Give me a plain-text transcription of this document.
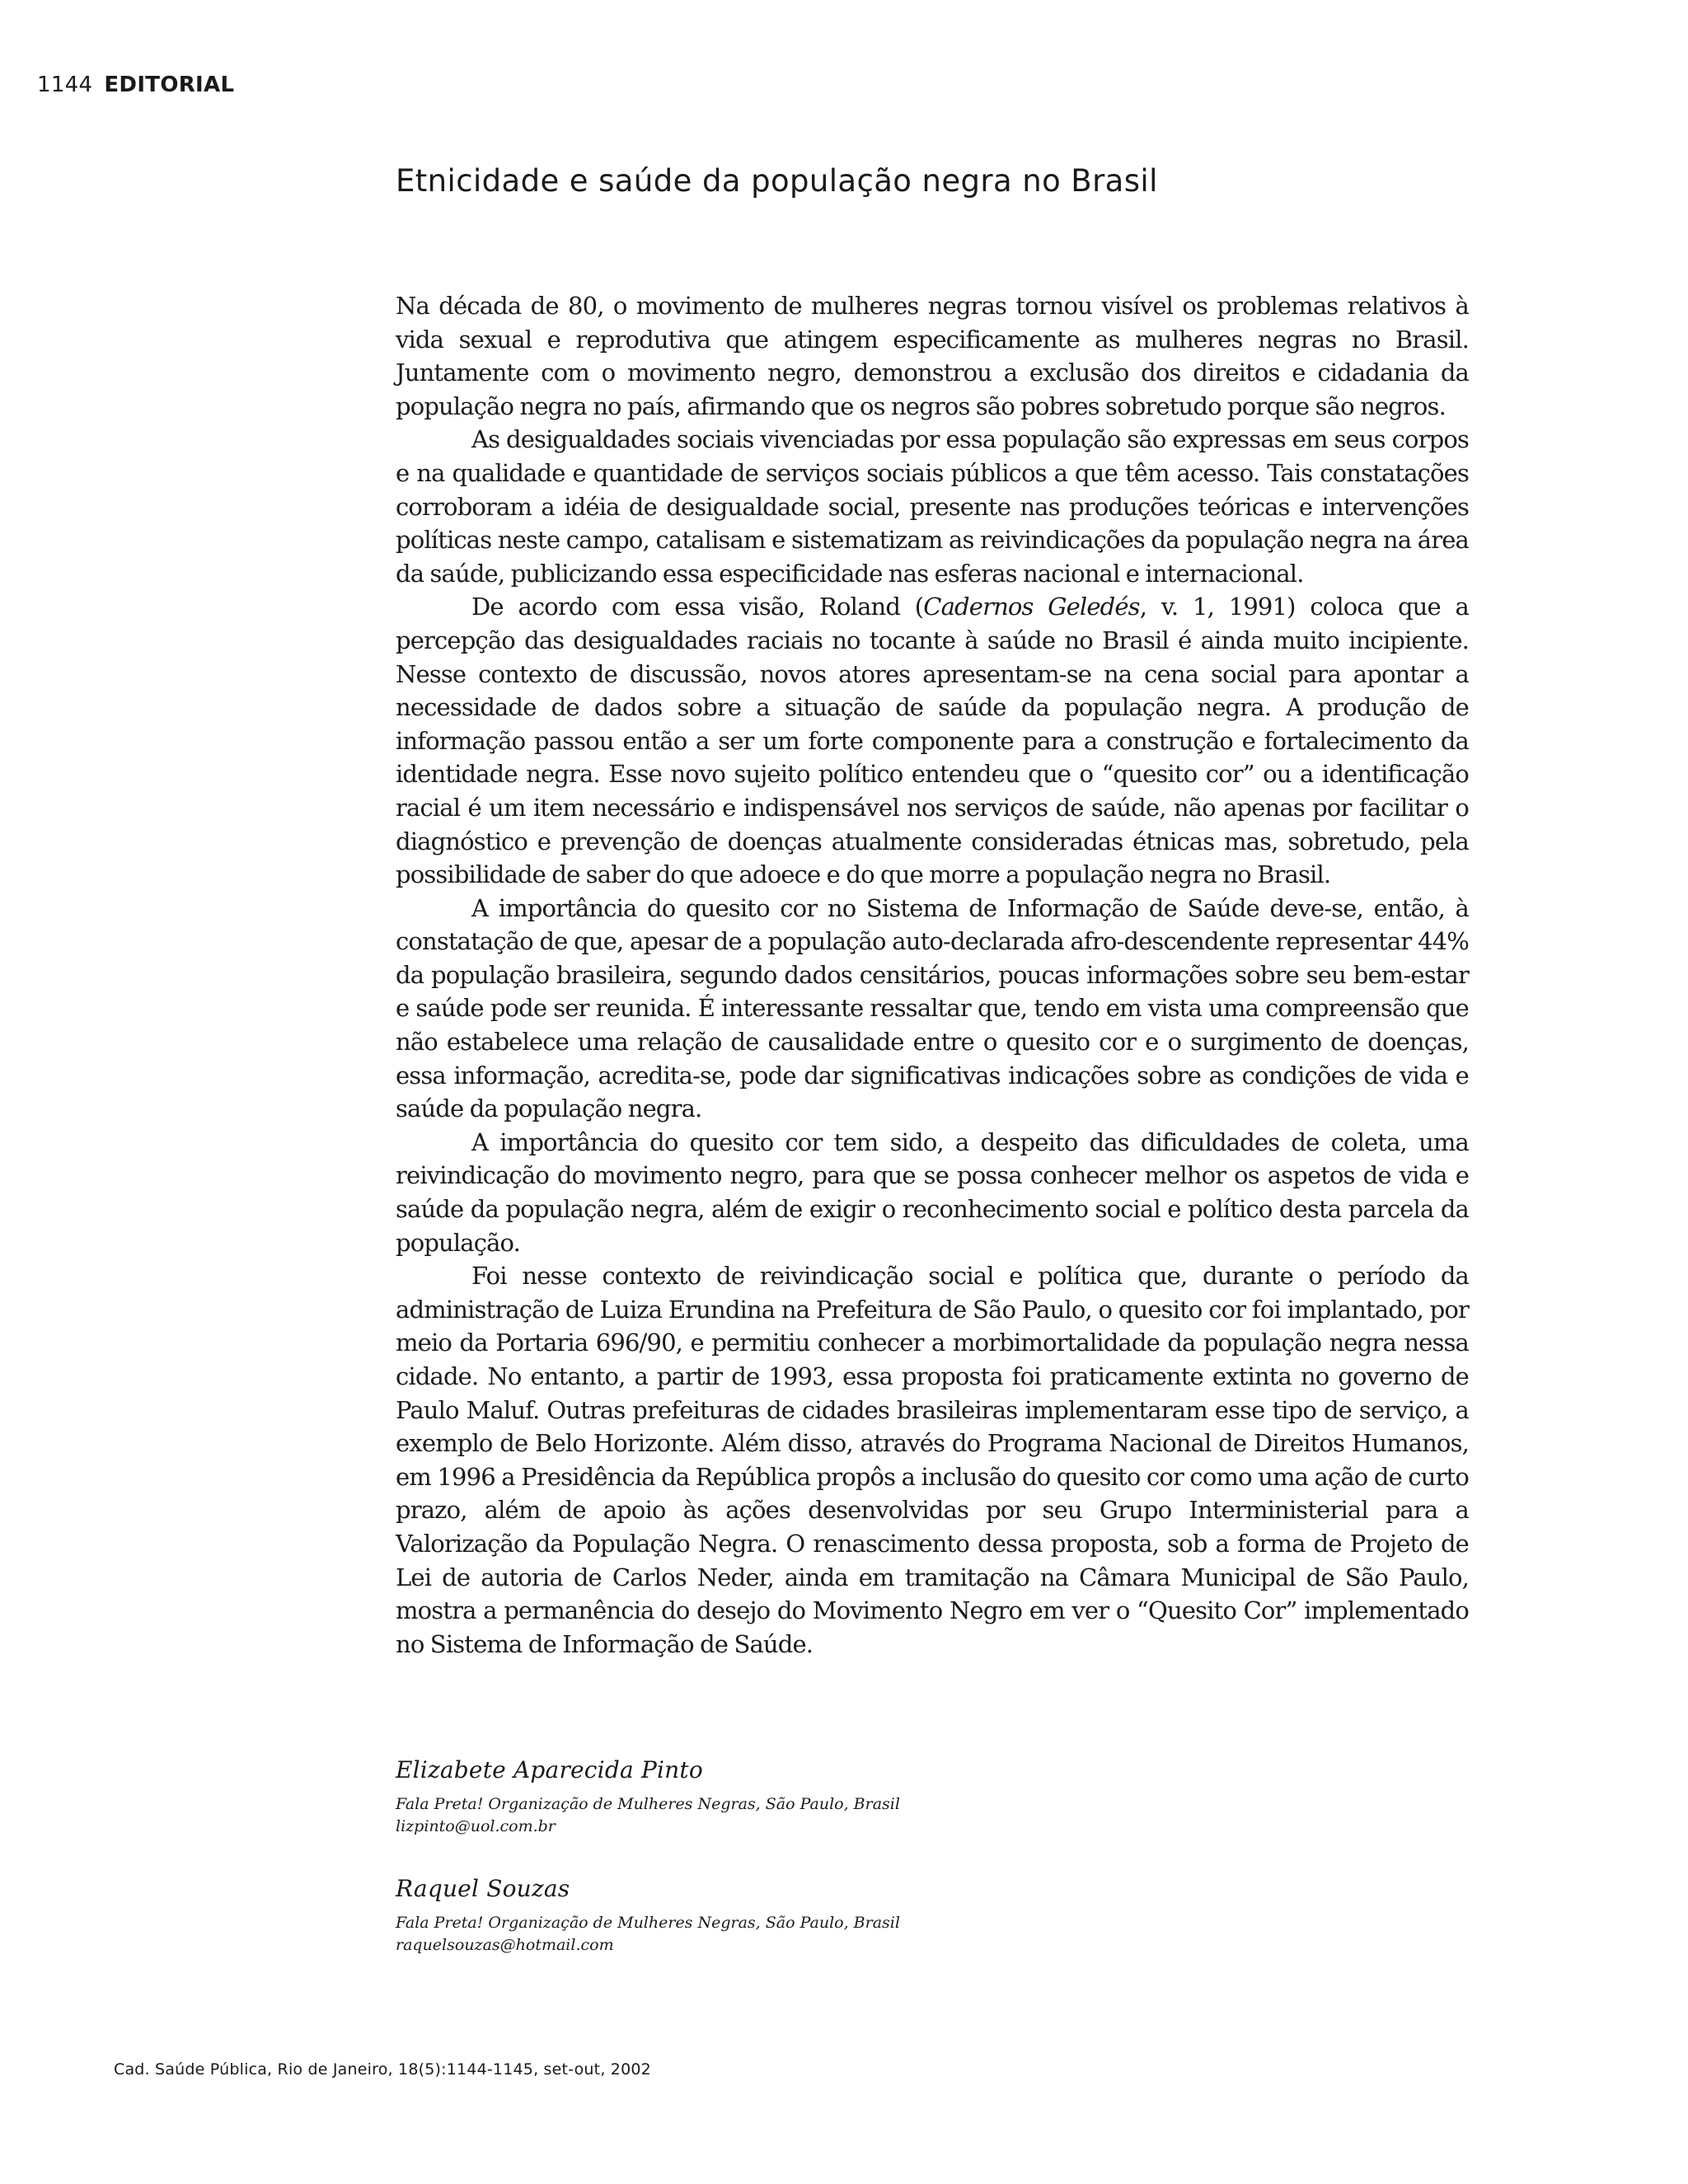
1144 EDITORIAL
Etnicidade e saúde da população negra no Brasil

Na década de 80, o movimento de mulheres negras tornou visível os problemas relativos à vida sexual e reprodutiva que atingem especificamente as mulheres negras no Brasil. Juntamente com o movimento negro, demonstrou a exclusão dos direitos e cidadania da população negra no país, afirmando que os negros são pobres sobretudo porque são negros.

As desigualdades sociais vivenciadas por essa população são expressas em seus corpos e na qualidade e quantidade de serviços sociais públicos a que têm acesso. Tais constatações corroboram a idéia de desigualdade social, presente nas produções teóricas e intervenções políticas neste campo, catalisam e sistematizam as reivindicações da população negra na área da saúde, publicizando essa especificidade nas esferas nacional e internacional.

De acordo com essa visão, Roland (Cadernos Geledés, v. 1, 1991) coloca que a percepção das desigualdades raciais no tocante à saúde no Brasil é ainda muito incipiente. Nesse contexto de discussão, novos atores apresentam-se na cena social para apontar a necessidade de dados sobre a situação de saúde da população negra. A produção de informação passou então a ser um forte componente para a construção e fortalecimento da identidade negra. Esse novo sujeito político entendeu que o “quesito cor” ou a identificação racial é um item necessário e indispensável nos serviços de saúde, não apenas por facilitar o diagnóstico e prevenção de doenças atualmente consideradas étnicas mas, sobretudo, pela possibilidade de saber do que adoece e do que morre a população negra no Brasil.

A importância do quesito cor no Sistema de Informação de Saúde deve-se, então, à constatação de que, apesar de a população auto-declarada afro-descendente representar 44% da população brasileira, segundo dados censitários, poucas informações sobre seu bem-estar e saúde pode ser reunida. É interessante ressaltar que, tendo em vista uma compreensão que não estabelece uma relação de causalidade entre o quesito cor e o surgimento de doenças, essa informação, acredita-se, pode dar significativas indicações sobre as condições de vida e saúde da população negra.

A importância do quesito cor tem sido, a despeito das dificuldades de coleta, uma reivindicação do movimento negro, para que se possa conhecer melhor os aspetos de vida e saúde da população negra, além de exigir o reconhecimento social e político desta parcela da população.

Foi nesse contexto de reivindicação social e política que, durante o período da administração de Luiza Erundina na Prefeitura de São Paulo, o quesito cor foi implantado, por meio da Portaria 696/90, e permitiu conhecer a morbimortalidade da população negra nessa cidade. No entanto, a partir de 1993, essa proposta foi praticamente extinta no governo de Paulo Maluf. Outras prefeituras de cidades brasileiras implementaram esse tipo de serviço, a exemplo de Belo Horizonte. Além disso, através do Programa Nacional de Direitos Humanos, em 1996 a Presidência da República propôs a inclusão do quesito cor como uma ação de curto prazo, além de apoio às ações desenvolvidas por seu Grupo Interministerial para a Valorização da População Negra. O renascimento dessa proposta, sob a forma de Projeto de Lei de autoria de Carlos Neder, ainda em tramitação na Câmara Municipal de São Paulo, mostra a permanência do desejo do Movimento Negro em ver o “Quesito Cor” implementado no Sistema de Informação de Saúde.

Elizabete Aparecida Pinto
Fala Preta! Organização de Mulheres Negras, São Paulo, Brasil
lizpinto@uol.com.br
Raquel Souzas
Fala Preta! Organização de Mulheres Negras, São Paulo, Brasil
raquelsouzas@hotmail.com
Cad. Saúde Pública, Rio de Janeiro, 18(5):1144-1145, set-out, 2002
